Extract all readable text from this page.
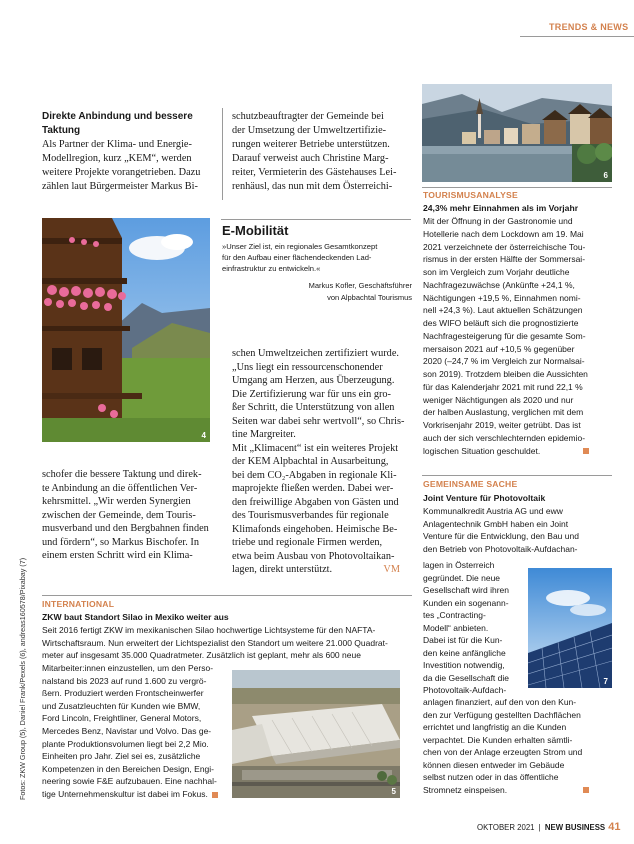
TRENDS & NEWS
Direkte Anbindung und bessere
Taktung
Als Partner der Klima- und Energie-
Modellregion, kurz „KEM“, werden
weitere Projekte vorangetrieben. Dazu
zählen laut Bürgermeister Markus Bi-
schutzbeauftragter der Gemeinde bei
der Umsetzung der Umweltzertifizie-
rungen weiterer Betriebe unterstützen.
Darauf verweist auch Christine Marg-
reiter, Vermieterin des Gästehauses Lei-
renhäusl, das nun mit dem Österreichi-
4
E-Mobilität
»Unser Ziel ist, ein regionales Gesamtkonzept
für den Aufbau einer flächendeckenden Lad-
einfrastruktur zu entwickeln.«
Markus Kofler, Geschäftsführer
von Alpbachtal Tourismus
schen Umweltzeichen zertifiziert wurde.
„Uns liegt ein ressourcenschonender
Umgang am Herzen, aus Überzeugung.
Die Zertifizierung war für uns ein gro-
ßer Schritt, die Unterstützung von allen
Seiten war dabei sehr wertvoll“, so Chris-
tine Margreiter.
Mit „Klimacent“ ist ein weiteres Projekt
der KEM Alpbachtal in Ausarbeitung,
bei dem CO₂-Abgaben in regionale Kli-
maprojekte fließen werden. Dabei wer-
den freiwillige Abgaben von Gästen und
des Tourismusverbandes für regionale
Klimafonds eingehoben. Heimische Be-
triebe und regionale Firmen werden,
etwa beim Ausbau von Photovoltaikan-
lagen, direkt unterstützt.	VM
schofer die bessere Taktung und direk-
te Anbindung an die öffentlichen Ver-
kehrsmittel. „Wir werden Synergien
zwischen der Gemeinde, dem Touris-
musverband und den Bergbahnen finden
und fördern“, so Markus Bischofer. In
einem ersten Schritt wird ein Klima-
Fotos: ZKW Group (5), Daniel Frank/Pexels (6), andreas160578/Pixabay (7)
6
TOURISMUSANALYSE
24,3% mehr Einnahmen als im Vorjahr
Mit der Öffnung in der Gastronomie und
Hotellerie nach dem Lockdown am 19. Mai
2021 verzeichnete der österreichische Tou-
rismus in der ersten Hälfte der Sommersai-
son im Vergleich zum Vorjahr deutliche
Nachfragezuwächse (Ankünfte +24,1 %,
Nächtigungen +19,5 %, Einnahmen nomi-
nell +24,3 %). Laut aktuellen Schätzungen
des WIFO beläuft sich die prognostizierte
Nachfragesteigerung für die gesamte Som-
mersaison 2021 auf +10,5 % gegenüber
2020 (–24,7 % im Vergleich zur Normalsai-
son 2019). Trotzdem bleiben die Aussichten
für das Kalenderjahr 2021 mit rund 22,1 %
weniger Nächtigungen als 2020 und nur
der halben Auslastung, verglichen mit dem
Vorkrisenjahr 2019, weiter getrübt. Das ist
auch der sich verschlechternden epidemio-
logischen Situation geschuldet.
GEMEINSAME SACHE
Joint Venture für Photovoltaik
Kommunalkredit Austria AG und eww
Anlagentechnik GmbH haben ein Joint
Venture für die Entwicklung, den Bau und
den Betrieb von Photovoltaik-Aufdachan-
lagen in Österreich
gegründet. Die neue
Gesellschaft wird ihren
Kunden ein sogenann-
tes „Contracting-
Modell“ anbieten.
Dabei ist für die Kun-
den keine anfängliche
Investition notwendig,
da die Gesellschaft die
Photovoltaik-Aufdach-
7
anlagen finanziert, auf den von den Kun-
den zur Verfügung gestellten Dachflächen
errichtet und langfristig an die Kunden
verpachtet. Die Kunden erhalten sämtli-
chen von der Anlage erzeugten Strom und
können diesen entweder im Gebäude
selbst nutzen oder in das öffentliche
Stromnetz einspeisen.
INTERNATIONAL
ZKW baut Standort Silao in Mexiko weiter aus
Seit 2016 fertigt ZKW im mexikanischen Silao hochwertige Lichtsysteme für den NAFTA-
Wirtschaftsraum. Nun erweitert der Lichtspezialist den Standort um weitere 21.000 Quadrat-
meter auf insgesamt 35.000 Quadratmeter. Zusätzlich ist geplant, mehr als 600 neue
Mitarbeiter:innen einzustellen, um den Perso-
nalstand bis 2023 auf rund 1.600 zu vergrö-
ßern. Produziert werden Frontscheinwerfer
und Zusatzleuchten für Kunden wie BMW,
Ford Lincoln, Freightliner, General Motors,
Mercedes Benz, Navistar und Volvo. Das ge-
plante Produktionsvolumen liegt bei 2,2 Mio.
Einheiten pro Jahr. Ziel sei es, zusätzliche
Kompetenzen in den Bereichen Design, Engi-
neering sowie F&E aufzubauen. Eine nachhal-
tige Unternehmenskultur ist dabei im Fokus.	5
OKTOBER 2021 | NEW BUSINESS 41
